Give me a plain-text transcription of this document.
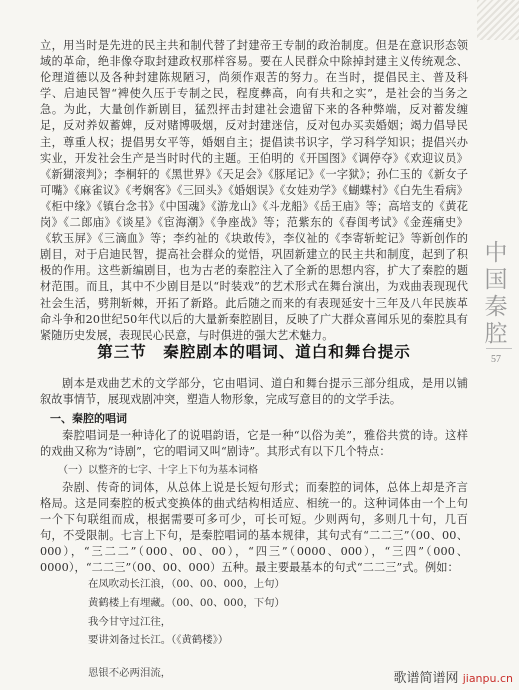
立，用当时是先进的民主共和制代替了封建帝王专制的政治制度。但是在意识形态领域的革命，绝非像夺取封建政权那样容易。要在人民群众中除掉封建主义传统观念、伦理道德以及各种封建陈规陋习，尚须作艰苦的努力。在当时，提倡民主、普及科学、启迪民智“裨使久压于专制之民，程度彝高，向有共和之实”，是社会的当务之急。为此，大量创作新剧目，猛烈抨击封建社会遗留下来的各种弊端，反对蓄发缠足，反对养奴蓄婢，反对赌博吸烟，反对封建迷信，反对包办买卖婚姻；竭力倡导民主，尊重人权；提倡男女平等，婚姻自主；提倡读书识字，学习科学知识；提倡兴办实业，开发社会生产是当时时代的主题。王伯明的《开国图》《调停夺》《欢迎议员》《新猢滚判》；李桐轩的《黑世界》《天足会》《豚尾记》《一字狱》；孙仁玉的《新女子可嘴》《麻雀议》《考娴客》《三回头》《婚姻误》《女娃劝学》《蝴蝶村》《白先生看病》《柜中缘》《镇台念书》《中国魂》《游龙山》《斗龙船》《岳王庙》等；高培支的《黄花岗》《二郎庙》《谈星》《宦海潮》《争座战》等；范紫东的《春闺考试》《金莲痛史》《软玉屏》《三滴血》等；李约祉的《块敢传》，李仪祉的《李寄斩蛇记》等新创作的剧目，对于启迪民智，提高社会群众的觉悟，巩固新建立的民主共和制度，起到了积极的作用。这些新编剧目，也为古老的秦腔注入了全新的思想内容，扩大了秦腔的题材范围。而且，其中不少剧目是以“时装戏”的艺术形式在舞台演出，为戏曲表现现代社会生活，劈荆斩棘，开拓了新路。此后随之而来的有表现延安十三年及八年民族革命斗争和20世纪50年代以后的大量新秦腔剧目，反映了广大群众喜闻乐见的秦腔具有紧随历史发展，表现民心民意，与时俱进的强大艺术魅力。
第三节　秦腔剧本的唱词、道白和舞台提示
剧本是戏曲艺术的文学部分，它由唱词、道白和舞台提示三部分组成，是用以铺叙故事情节，展现戏剧冲突，塑造人物形象，完成写意目的的文学手法。
一、秦腔的唱词
秦腔唱词是一种诗化了的说唱韵语，它是一种“以俗为美”，雅俗共赏的诗。这样的戏曲又称为“诗剧”，它的唱词又叫“剧诗”。其形式有以下几个特点：
（一）以整齐的七字、十字上下句为基本词格
杂剧、传奇的词体，从总体上说是长短句形式；而秦腔的词体，总体上却是齐言格局。这是同秦腔的板式变换体的曲式结构相适应、相统一的。这种词体由一个上句一个下句联组而成，根据需要可多可少，可长可短。少则两句，多则几十句，几百句，不受限制。七言上下句，是秦腔唱词的基本规律，其句式有“二二三”（00、00、000），“三二二”（000、00、00），“四三”（0000、000），“三四”（000、0000），“二二三”（00、00、000）五种。最主要最基本的句式“二二三”式。例如：
在凤吹动长江浪，（00、00、000，上句）
黄鹤楼上有埋藏。（00、00、000，下句）
我今甘守过江往，
要讲刘备过长江。（《黄鹤楼》）
恩银不必两泪流，
中
国
秦
腔
57
歌谱简谱网 jianpu.cn
